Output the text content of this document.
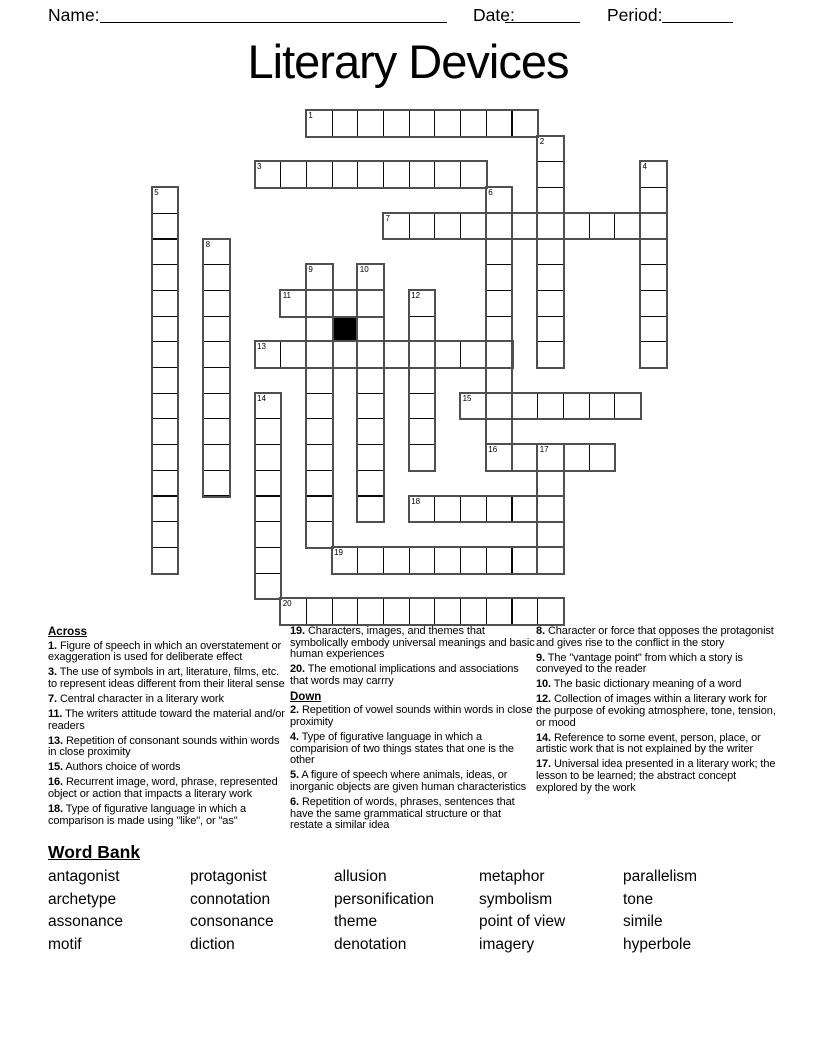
Name:	Date:	Period:
Literary Devices
1
2
3	4
5	6
7
8
9	10
11	12
13
14	15
16	17
18
19
20
Across

1. Figure of speech in which an overstatement or exaggeration is used for deliberate effect

3. The use of symbols in art, literature, films, etc. to represent ideas different from their literal sense

7. Central character in a literary work

11. The writers attitude toward the material and/or readers

13. Repetition of consonant sounds within words in close proximity

15. Authors choice of words

16. Recurrent image, word, phrase, represented object or action that impacts a literary work

18. Type of figurative language in which a comparison is made using "like", or "as"

19. Characters, images, and themes that symbolically embody universal meanings and basic human experiences

20. The emotional implications and associations that words may carrry

Down

2. Repetition of vowel sounds within words in close proximity

4. Type of figurative language in which a comparision of two things states that one is the other

5. A figure of speech where animals, ideas, or inorganic objects are given human characteristics

6. Repetition of words, phrases, sentences that have the same grammatical structure or that restate a similar idea

8. Character or force that opposes the protagonist and gives rise to the conflict in the story

9. The "vantage point" from which a story is conveyed to the reader

10. The basic dictionary meaning of a word

12. Collection of images within a literary work for the purpose of evoking atmosphere, tone, tension, or mood

14. Reference to some event, person, place, or artistic work that is not explained by the writer

17. Universal idea presented in a literary work; the lesson to be learned; the abstract concept explored by the work

Word Bank
antagonist
archetype
assonance
motif
protagonist
connotation
consonance
diction
allusion
personification
theme
denotation
metaphor
symbolism
point of view
imagery
parallelism
tone
simile
hyperbole
